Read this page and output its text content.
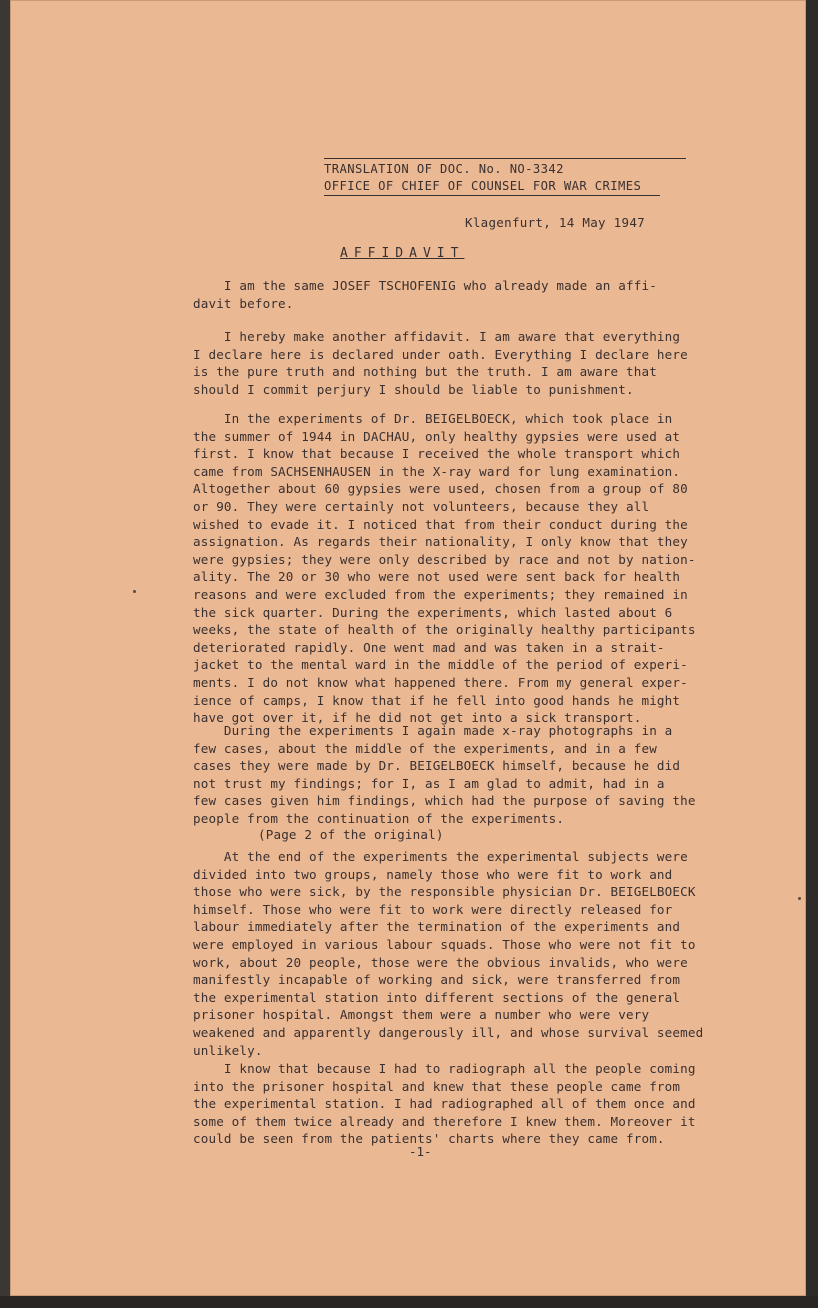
TRANSLATION OF DOC. No. NO-3342
OFFICE OF CHIEF OF COUNSEL FOR WAR CRIMES
Klagenfurt, 14 May 1947
AFFIDAVIT
I am the same JOSEF TSCHOFENIG who already made an affi-
davit before.
I hereby make another affidavit. I am aware that everything
I declare here is declared under oath. Everything I declare here
is the pure truth and nothing but the truth. I am aware that
should I commit perjury I should be liable to punishment.
In the experiments of Dr. BEIGELBOECK, which took place in
the summer of 1944 in DACHAU, only healthy gypsies were used at
first. I know that because I received the whole transport which
came from SACHSENHAUSEN in the X-ray ward for lung examination.
Altogether about 60 gypsies were used, chosen from a group of 80
or 90. They were certainly not volunteers, because they all
wished to evade it. I noticed that from their conduct during the
assignation. As regards their nationality, I only know that they
were gypsies; they were only described by race and not by nation-
ality. The 20 or 30 who were not used were sent back for health
reasons and were excluded from the experiments; they remained in
the sick quarter. During the experiments, which lasted about 6
weeks, the state of health of the originally healthy participants
deteriorated rapidly. One went mad and was taken in a strait-
jacket to the mental ward in the middle of the period of experi-
ments. I do not know what happened there. From my general exper-
ience of camps, I know that if he fell into good hands he might
have got over it, if he did not get into a sick transport.
During the experiments I again made x-ray photographs in a
few cases, about the middle of the experiments, and in a few
cases they were made by Dr. BEIGELBOECK himself, because he did
not trust my findings; for I, as I am glad to admit, had in a
few cases given him findings, which had the purpose of saving the
people from the continuation of the experiments.
(Page 2 of the original)
At the end of the experiments the experimental subjects were
divided into two groups, namely those who were fit to work and
those who were sick, by the responsible physician Dr. BEIGELBOECK
himself. Those who were fit to work were directly released for
labour immediately after the termination of the experiments and
were employed in various labour squads. Those who were not fit to
work, about 20 people, those were the obvious invalids, who were
manifestly incapable of working and sick, were transferred from
the experimental station into different sections of the general
prisoner hospital. Amongst them were a number who were very
weakened and apparently dangerously ill, and whose survival seemed
unlikely.
I know that because I had to radiograph all the people coming
into the prisoner hospital and knew that these people came from
the experimental station. I had radiographed all of them once and
some of them twice already and therefore I knew them. Moreover it
could be seen from the patients' charts where they came from.
-1-
